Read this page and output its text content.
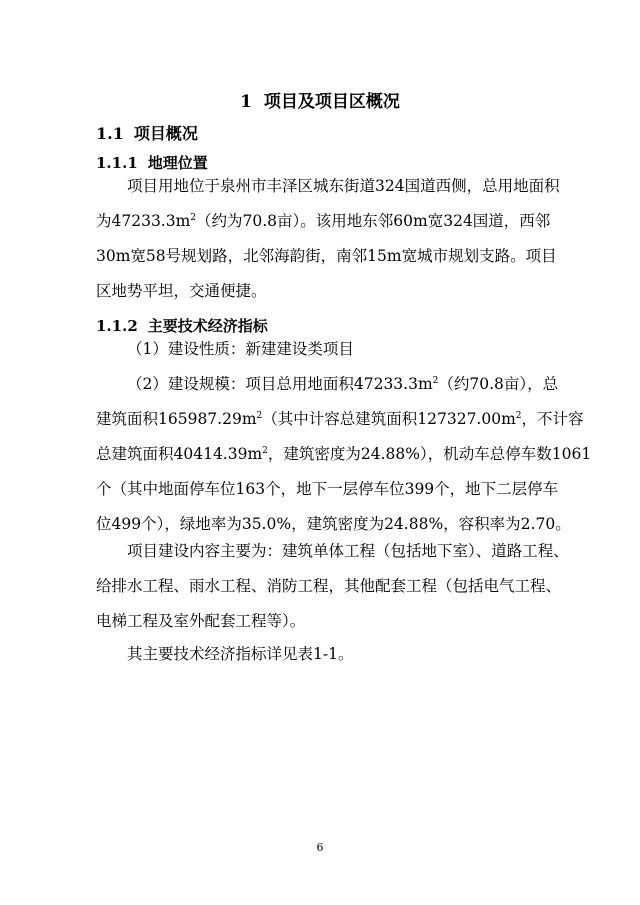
1 项目及项目区概况
1.1 项目概况
1.1.1 地理位置
项目用地位于泉州市丰泽区城东街道324国道西侧，总用地面积
为$47233.3m^2$（约为70.8亩）。该用地东邻60m宽324国道，西邻
30m宽58号规划路，北邻海韵街，南邻15m宽城市规划支路。项目
区地势平坦，交通便捷。
1.1.2 主要技术经济指标
（1）建设性质：新建建设类项目
（2）建设规模：项目总用地面积$47233.3m^2$（约70.8亩），总
建筑面积$165987.29m^2$（其中计容总建筑面积$127327.00m^2$，不计容
总建筑面积$40414.39m^2$，建筑密度为24.88%），机动车总停车数1061
个（其中地面停车位163个，地下一层停车位399个，地下二层停车
位499个），绿地率为35.0%，建筑密度为24.88%，容积率为2.70。
项目建设内容主要为：建筑单体工程（包括地下室）、道路工程、
给排水工程、雨水工程、消防工程，其他配套工程（包括电气工程、
电梯工程及室外配套工程等）。
其主要技术经济指标详见表1-1。
6
